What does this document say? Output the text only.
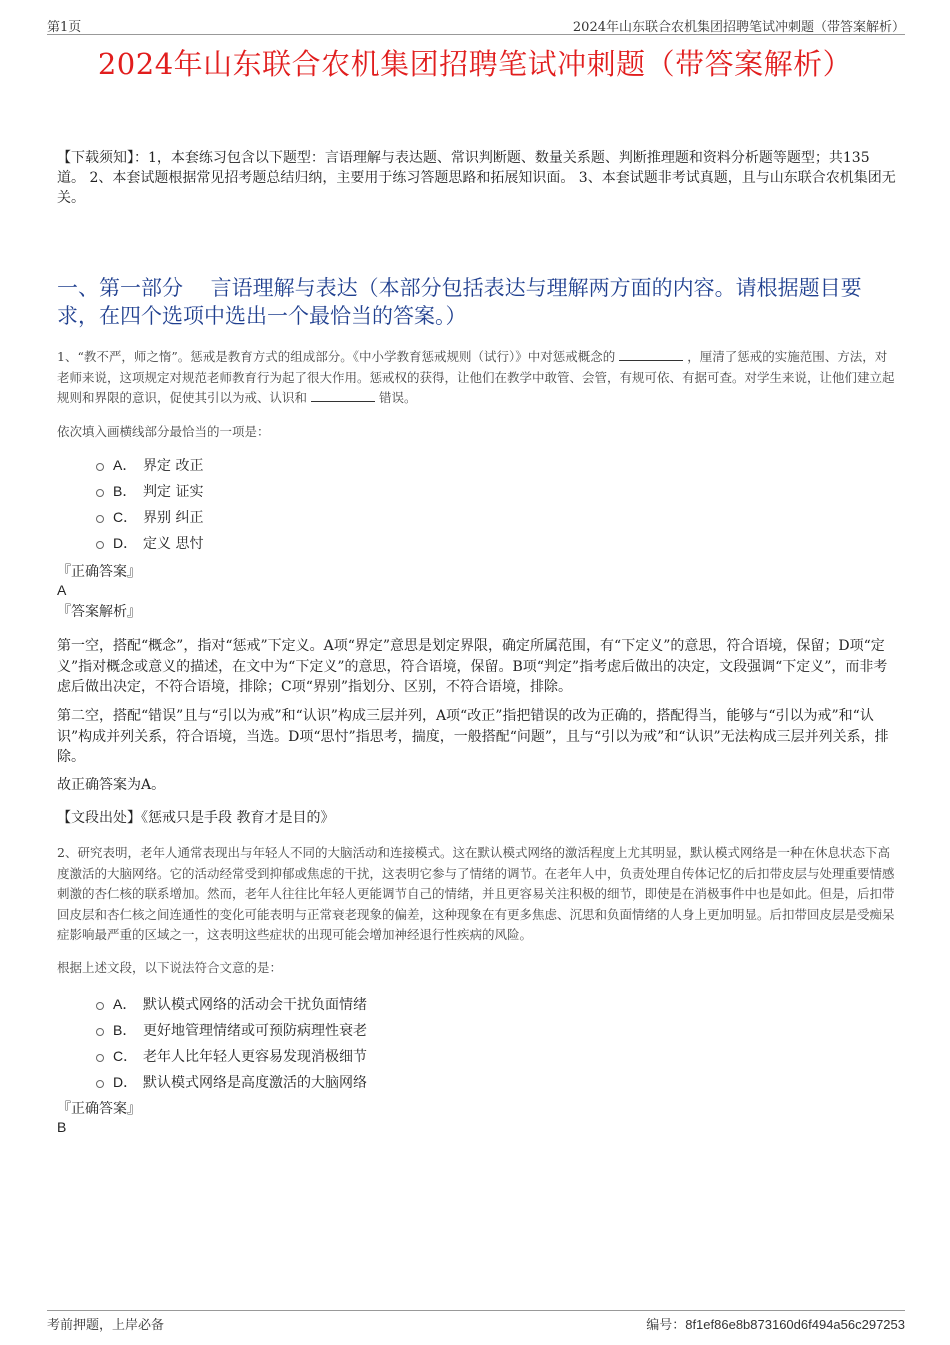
第1页	2024年山东联合农机集团招聘笔试冲刺题（带答案解析）
2024年山东联合农机集团招聘笔试冲刺题（带答案解析）
【下载须知】：1，本套练习包含以下题型：言语理解与表达题、常识判断题、数量关系题、判断推理题和资料分析题等题型；共135道。 2、本套试题根据常见招考题总结归纳，主要用于练习答题思路和拓展知识面。 3、本套试题非考试真题，且与山东联合农机集团无关。
一、第一部分　 言语理解与表达（本部分包括表达与理解两方面的内容。请根据题目要求，在四个选项中选出一个最恰当的答案。）
1、“教不严，师之惰”。惩戒是教育方式的组成部分。《中小学教育惩戒规则（试行）》中对惩戒概念的	，厘清了惩戒的实施范围、方法，对老师来说，这项规定对规范老师教育行为起了很大作用。惩戒权的获得，让他们在教学中敢管、会管，有规可依、有据可查。对学生来说，让他们建立起规则和界限的意识，促使其引以为戒、认识和	错误。
依次填入画横线部分最恰当的一项是：
A． 界定 改正
B． 判定 证实
C． 界别 纠正
D． 定义 思忖
『正确答案』
A
『答案解析』
第一空，搭配“概念”，指对“惩戒”下定义。A项“界定”意思是划定界限，确定所属范围，有“下定义”的意思，符合语境，保留；D项“定义”指对概念或意义的描述，在文中为“下定义”的意思，符合语境，保留。B项“判定”指考虑后做出的决定，文段强调“下定义”，而非考虑后做出决定，不符合语境，排除；C项“界别”指划分、区别，不符合语境，排除。
第二空，搭配“错误”且与“引以为戒”和“认识”构成三层并列，A项“改正”指把错误的改为正确的，搭配得当，能够与“引以为戒”和“认识”构成并列关系，符合语境，当选。D项“思忖”指思考，揣度，一般搭配“问题”，且与“引以为戒”和“认识”无法构成三层并列关系，排除。
故正确答案为A。
【文段出处】《惩戒只是手段 教育才是目的》
2、研究表明，老年人通常表现出与年轻人不同的大脑活动和连接模式。这在默认模式网络的激活程度上尤其明显，默认模式网络是一种在休息状态下高度激活的大脑网络。它的活动经常受到抑郁或焦虑的干扰，这表明它参与了情绪的调节。在老年人中，负责处理自传体记忆的后扣带皮层与处理重要情感刺激的杏仁核的联系增加。然而，老年人往往比年轻人更能调节自己的情绪，并且更容易关注积极的细节，即使是在消极事件中也是如此。但是，后扣带回皮层和杏仁核之间连通性的变化可能表明与正常衰老现象的偏差，这种现象在有更多焦虑、沉思和负面情绪的人身上更加明显。后扣带回皮层是受痴呆症影响最严重的区域之一，这表明这些症状的出现可能会增加神经退行性疾病的风险。
根据上述文段，以下说法符合文意的是：
A． 默认模式网络的活动会干扰负面情绪
B． 更好地管理情绪或可预防病理性衰老
C． 老年人比年轻人更容易发现消极细节
D． 默认模式网络是高度激活的大脑网络
『正确答案』
B
考前押题，上岸必备	编号：8f1ef86e8b873160d6f494a56c297253
